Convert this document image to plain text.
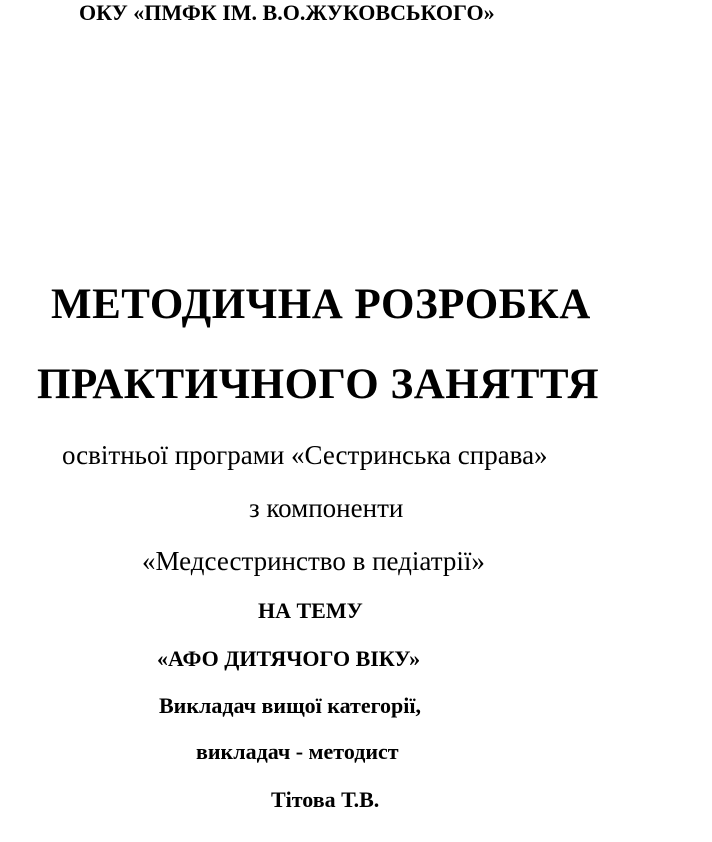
ОКУ «ПМФК ІМ. В.О.ЖУКОВСЬКОГО»
МЕТОДИЧНА РОЗРОБКА
ПРАКТИЧНОГО ЗАНЯТТЯ
освітньої програми «Сестринська справа»
з компоненти
«Медсестринство в педіатрії»
НА ТЕМУ
«АФО ДИТЯЧОГО ВІКУ»
Викладач вищої категорії,
викладач - методист
Тітова Т.В.
